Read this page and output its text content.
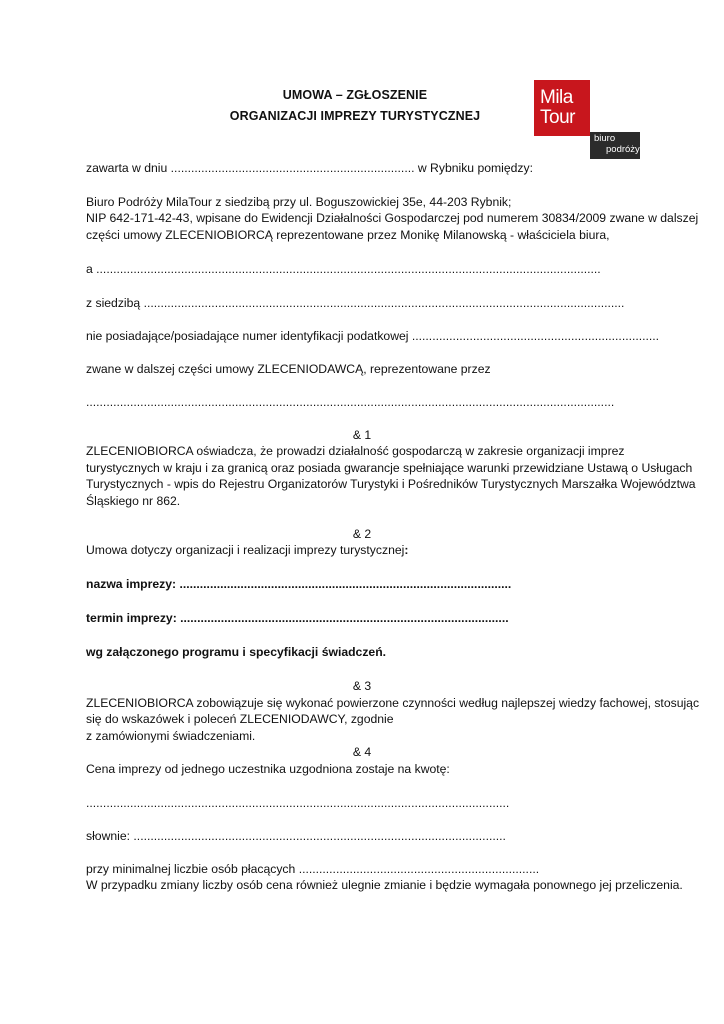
UMOWA – ZGŁOSZENIE
ORGANIZACJI IMPREZY TURYSTYCZNEJ
Mila
Tour
biuro
podróży
zawarta w dniu ........................................................................ w Rybniku pomiędzy:
Biuro Podróży MilaTour z siedzibą przy ul. Boguszowickiej 35e, 44-203 Rybnik;
NIP 642-171-42-43, wpisane do Ewidencji Działalności Gospodarczej pod numerem 30834/2009 zwane w dalszej
części umowy ZLECENIOBIORCĄ reprezentowane przez Monikę Milanowską - właściciela biura,
a .....................................................................................................................................................
z siedzibą ..............................................................................................................................................
nie posiadające/posiadające numer identyfikacji podatkowej .........................................................................
zwane w dalszej części umowy ZLECENIODAWCĄ, reprezentowane przez
............................................................................................................................................................
& 1
ZLECENIOBIORCA oświadcza, że prowadzi działalność gospodarczą w zakresie organizacji imprez
turystycznych w kraju i za granicą oraz posiada gwarancje spełniające warunki przewidziane Ustawą o Usługach
Turystycznych - wpis do Rejestru Organizatorów Turystyki i Pośredników Turystycznych Marszałka Województwa
Śląskiego nr 862.
& 2
Umowa dotyczy organizacji i realizacji imprezy turystycznej:
nazwa imprezy: ..................................................................................................
termin imprezy: .................................................................................................
wg załączonego programu i specyfikacji świadczeń.
& 3
ZLECENIOBIORCA zobowiązuje się wykonać powierzone czynności według najlepszej wiedzy fachowej, stosując
się do wskazówek i poleceń ZLECENIODAWCY, zgodnie
z zamówionymi świadczeniami.
& 4
Cena imprezy od jednego uczestnika uzgodniona zostaje na kwotę:
.............................................................................................................................
słownie: ..............................................................................................................
przy minimalnej liczbie osób płacących .......................................................................
W przypadku zmiany liczby osób cena również ulegnie zmianie i będzie wymagała ponownego jej przeliczenia.
